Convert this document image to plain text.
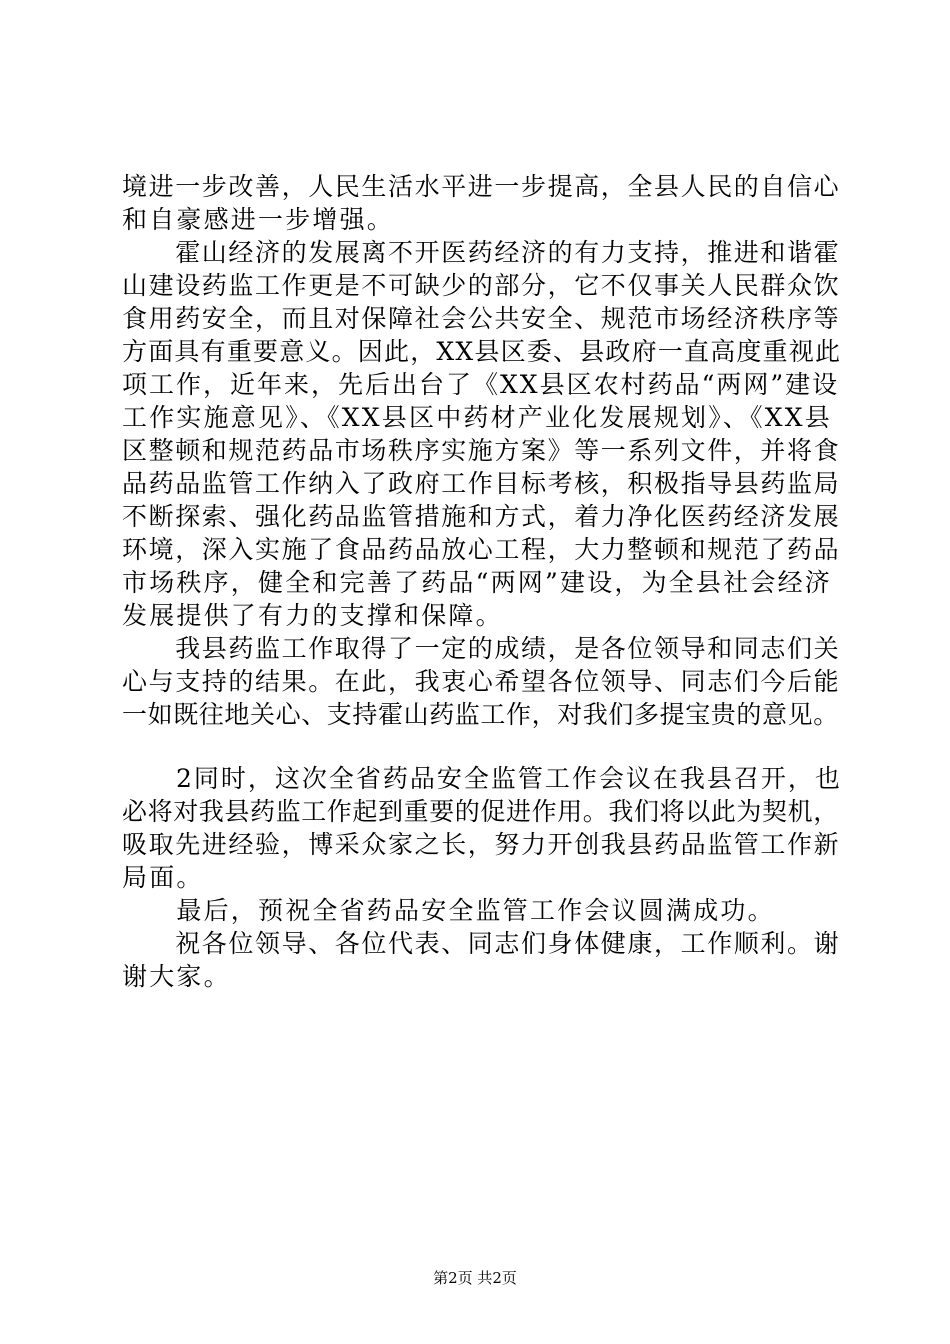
境进一步改善，人民生活水平进一步提高，全县人民的自信心
和自豪感进一步增强。
　　霍山经济的发展离不开医药经济的有力支持，推进和谐霍
山建设药监工作更是不可缺少的部分，它不仅事关人民群众饮
食用药安全，而且对保障社会公共安全、规范市场经济秩序等
方面具有重要意义。因此，XX县区委、县政府一直高度重视此
项工作，近年来，先后出台了《XX县区农村药品“两网”建设
工作实施意见》、《XX县区中药材产业化发展规划》、《XX县
区整顿和规范药品市场秩序实施方案》等一系列文件，并将食
品药品监管工作纳入了政府工作目标考核，积极指导县药监局
不断探索、强化药品监管措施和方式，着力净化医药经济发展
环境，深入实施了食品药品放心工程，大力整顿和规范了药品
市场秩序，健全和完善了药品“两网”建设，为全县社会经济
发展提供了有力的支撑和保障。
　　我县药监工作取得了一定的成绩，是各位领导和同志们关
心与支持的结果。在此，我衷心希望各位领导、同志们今后能
一如既往地关心、支持霍山药监工作，对我们多提宝贵的意见。
　　2同时，这次全省药品安全监管工作会议在我县召开，也
必将对我县药监工作起到重要的促进作用。我们将以此为契机，
吸取先进经验，博采众家之长，努力开创我县药品监管工作新
局面。
　　最后，预祝全省药品安全监管工作会议圆满成功。
　　祝各位领导、各位代表、同志们身体健康，工作顺利。谢
谢大家。
第2页 共2页
